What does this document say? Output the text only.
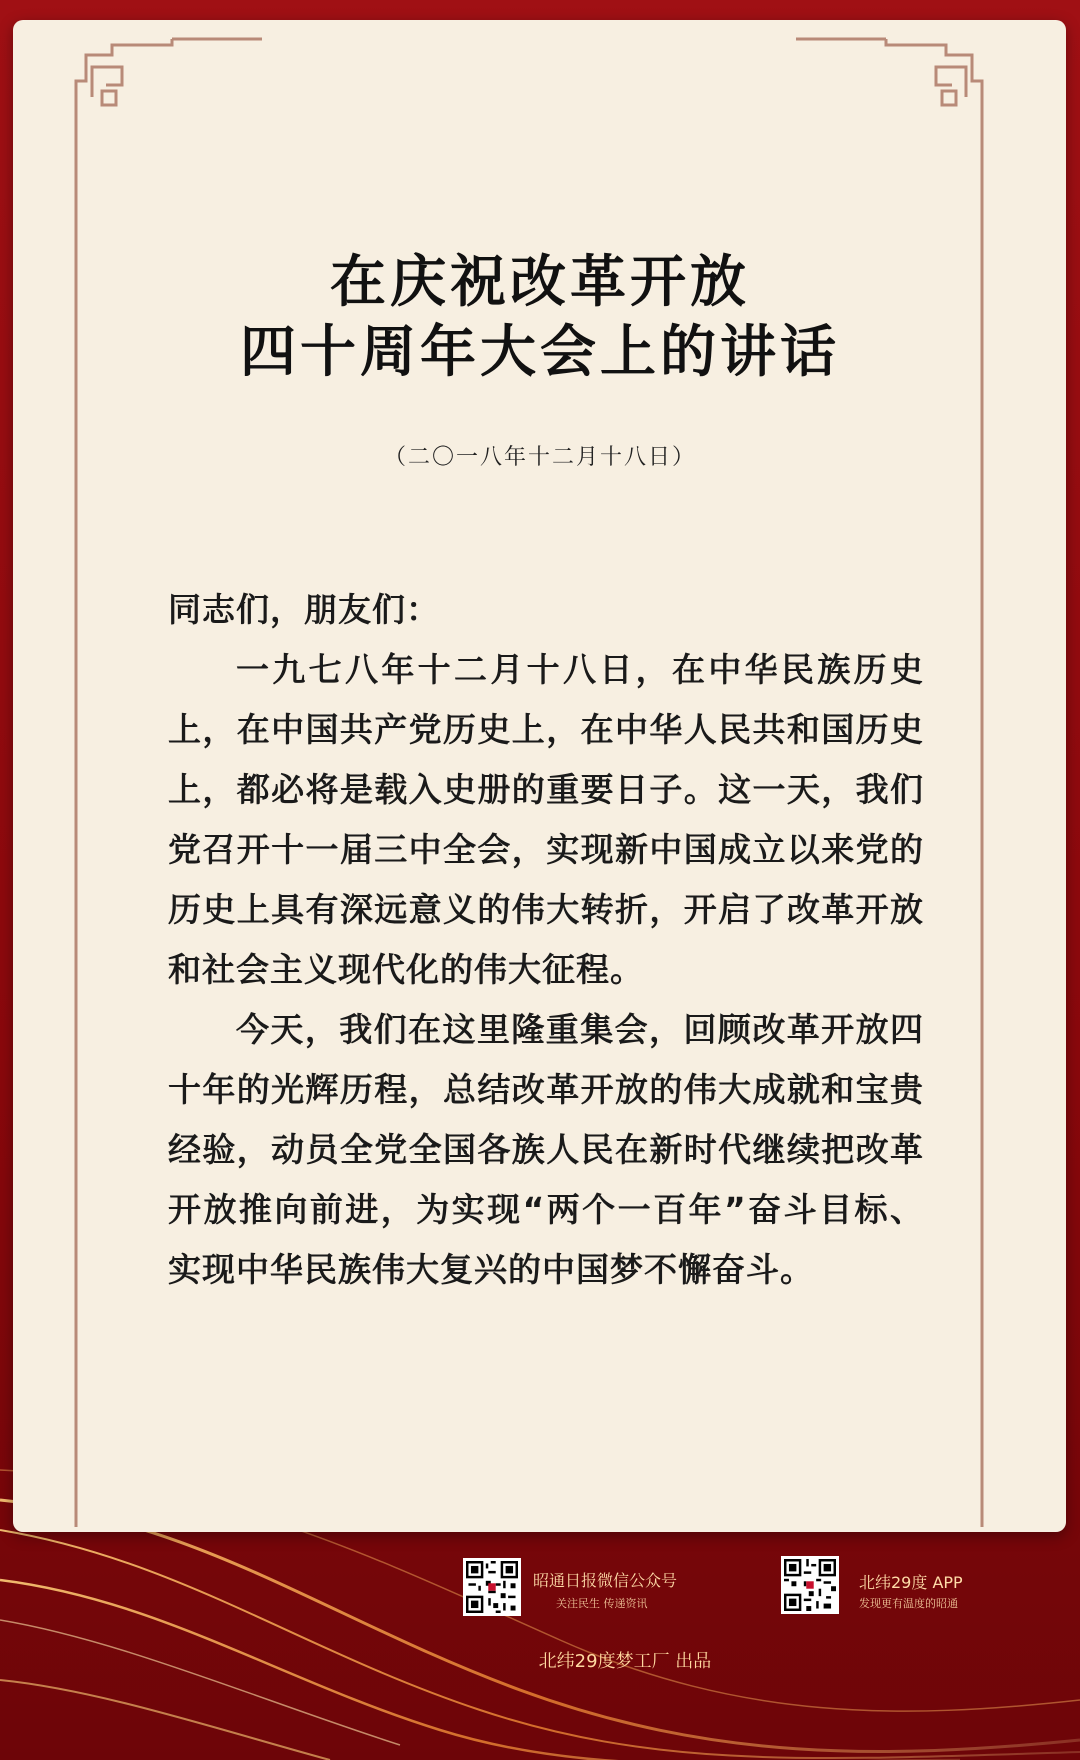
在庆祝改革开放
四十周年大会上的讲话
（二〇一八年十二月十八日）

同志们，朋友们：

一九七八年十二月十八日，在中华民族历史上，在中国共产党历史上，在中华人民共和国历史上，都必将是载入史册的重要日子。这一天，我们党召开十一届三中全会，实现新中国成立以来党的历史上具有深远意义的伟大转折，开启了改革开放和社会主义现代化的伟大征程。

今天，我们在这里隆重集会，回顾改革开放四十年的光辉历程，总结改革开放的伟大成就和宝贵经验，动员全党全国各族人民在新时代继续把改革开放推向前进，为实现“两个一百年”奋斗目标、实现中华民族伟大复兴的中国梦不懈奋斗。

昭通日报微信公众号
关注民生 传递资讯
北纬29度 APP
发现更有温度的昭通
北纬29度梦工厂 出品
